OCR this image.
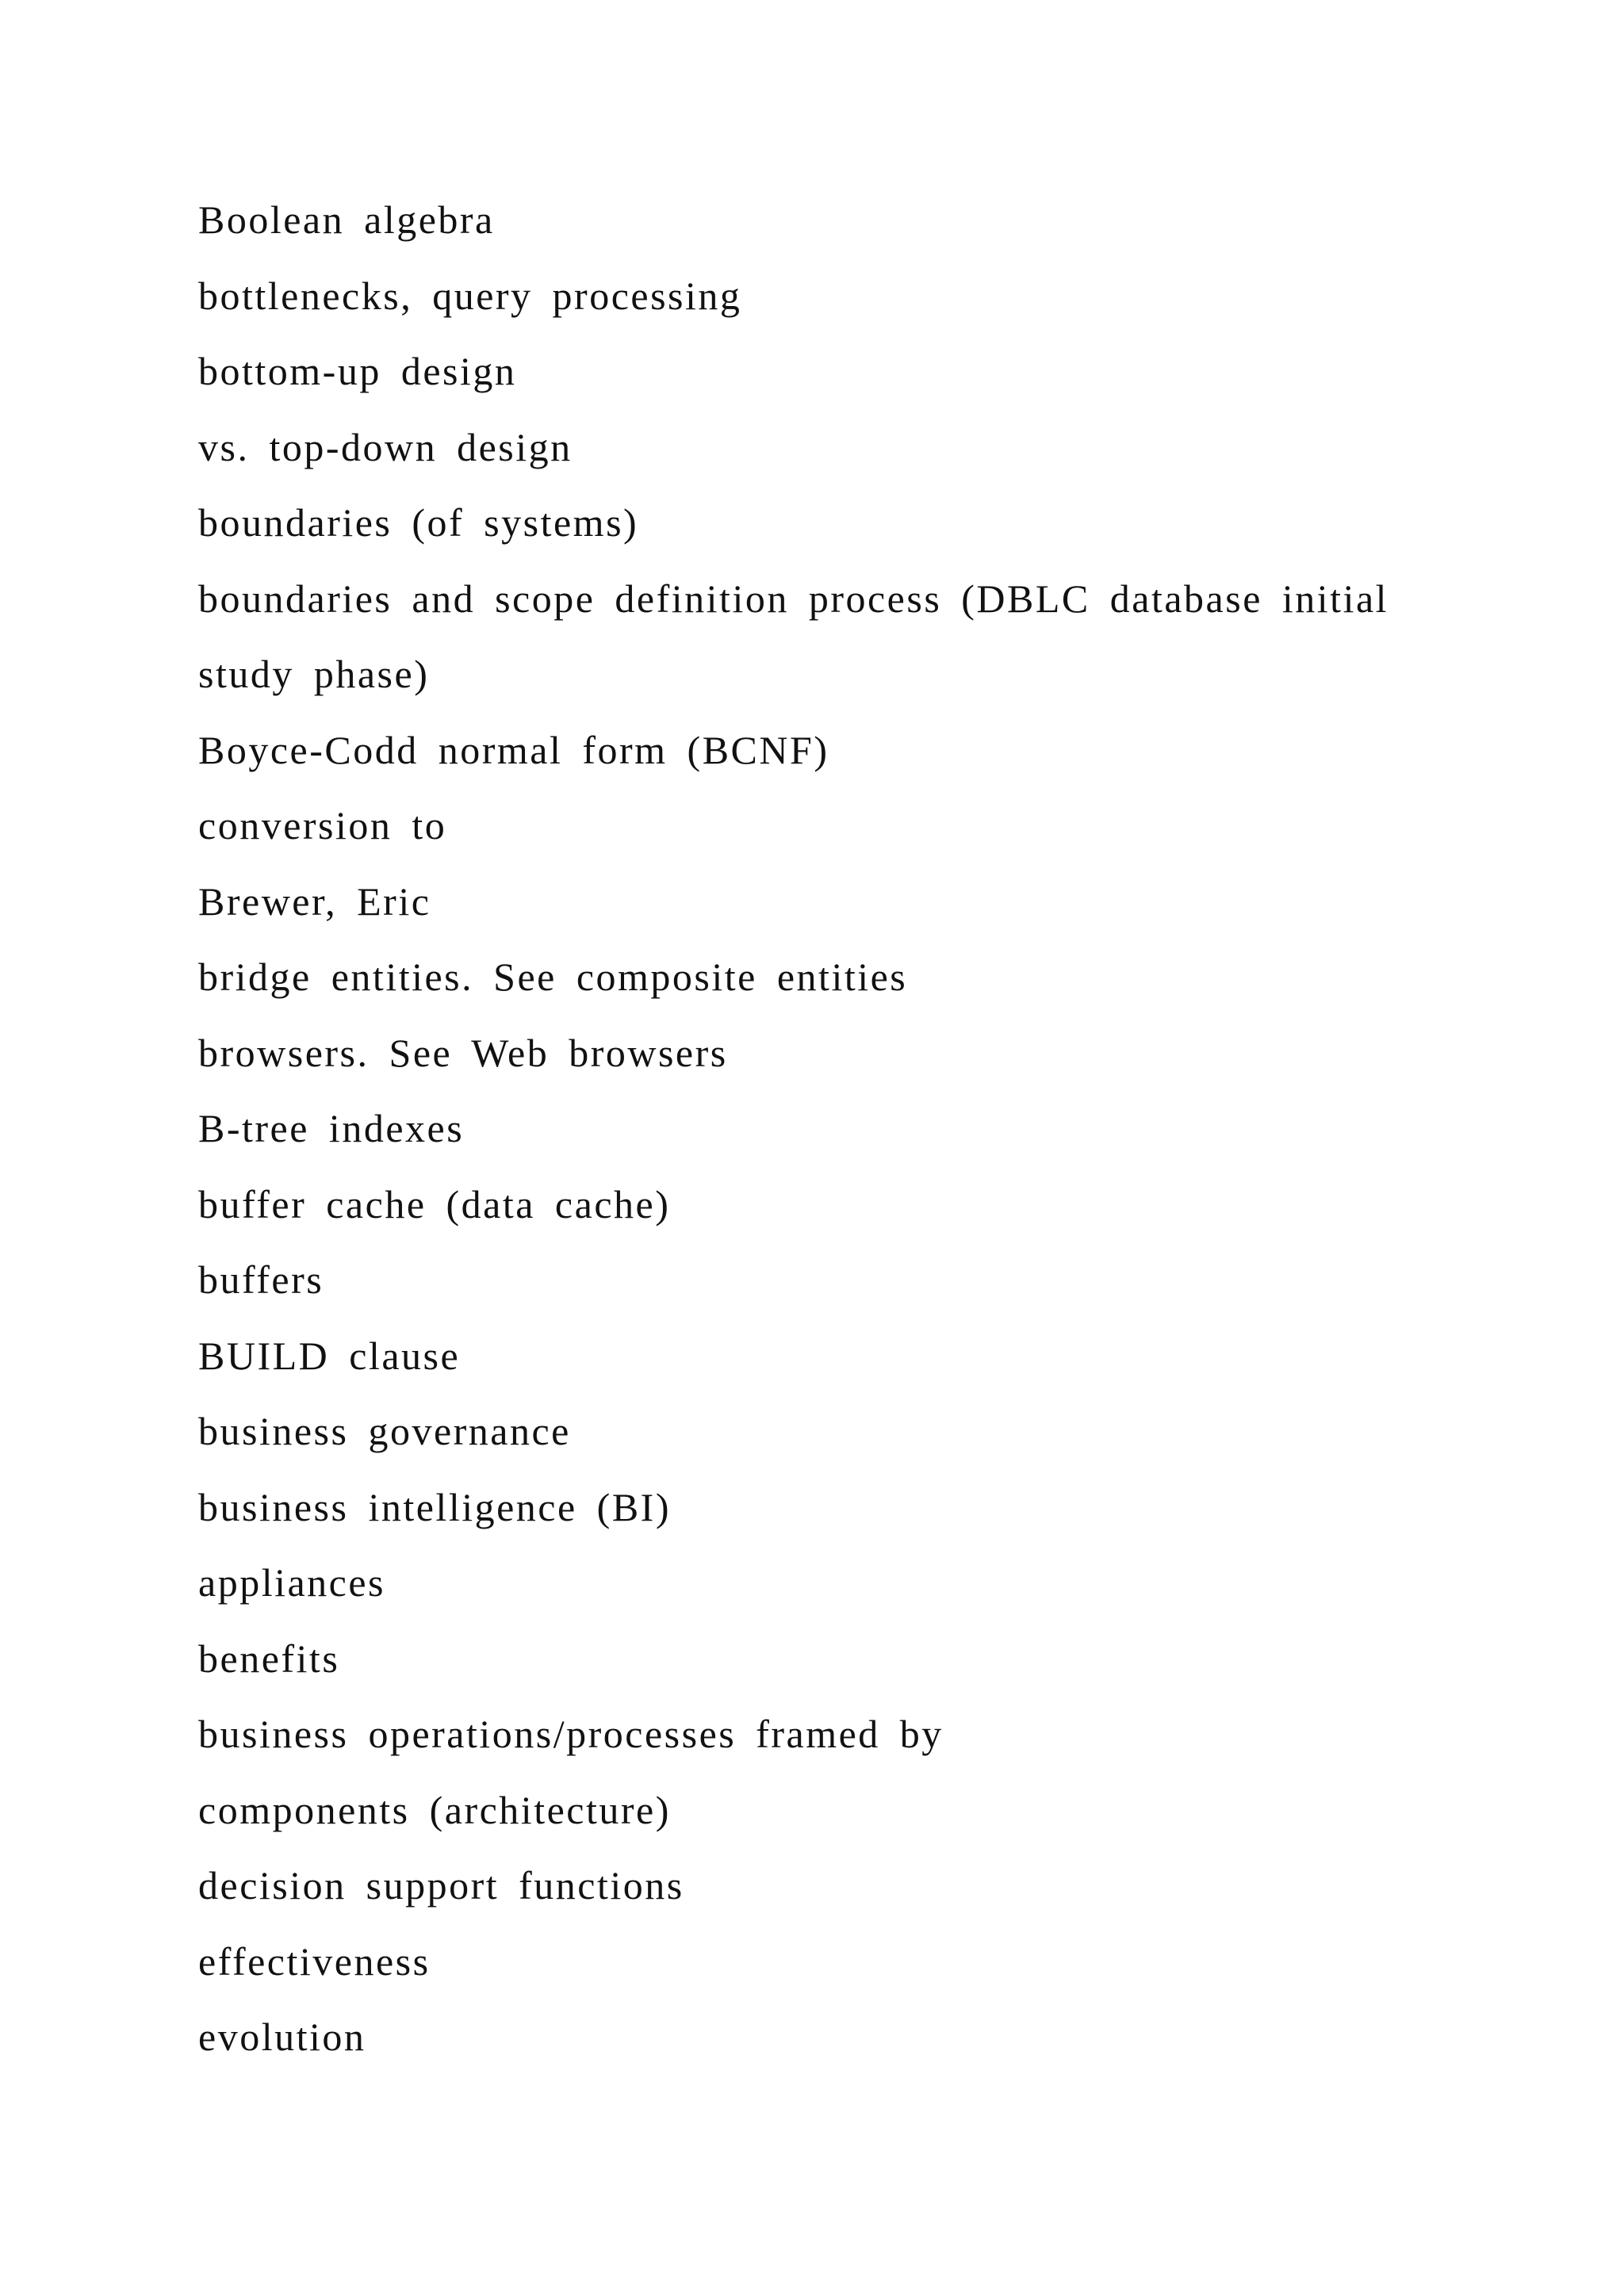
Boolean algebra
bottlenecks, query processing
bottom-up design
vs. top-down design
boundaries (of systems)
boundaries and scope definition process (DBLC database initial study phase)
Boyce-Codd normal form (BCNF)
conversion to
Brewer, Eric
bridge entities. See composite entities
browsers. See Web browsers
B-tree indexes
buffer cache (data cache)
buffers
BUILD clause
business governance
business intelligence (BI)
appliances
benefits
business operations/processes framed by
components (architecture)
decision support functions
effectiveness
evolution
